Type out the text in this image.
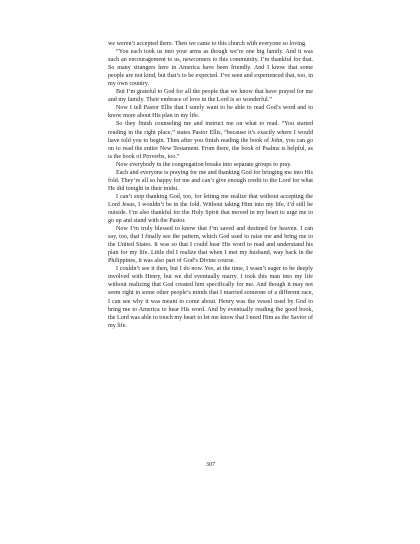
we weren’t accepted there. Then we came to this church with everyone so loving.

“You each took us into your arms as though we’re one big family. And it was such an encouragement to us, newcomers to this community. I’m thankful for that. So many strangers here in America have been friendly. And I know that some people are not kind, but that’s to be expected. I’ve seen and experienced that, too, in my own country.

But I’m grateful to God for all the people that we know that have prayed for me and my family. Their embrace of love in the Lord is so wonderful.”

Now I tell Pastor Ellis that I surely want to be able to read God’s word and to know more about His plan in my life.

So they finish counseling me and instruct me on what to read. “You started reading in the right place,” states Pastor Ellis, “because it’s exactly where I would have told you to begin. Then after you finish reading the book of John, you can go on to read the entire New Testament. From there, the book of Psalms is helpful, as is the book of Proverbs, too.”

Now everybody in the congregation breaks into separate groups to pray.

Each and everyone is praying for me and thanking God for bringing me into His fold. They’re all so happy for me and can’t give enough credit to the Lord for what He did tonight in their midst.

I can’t stop thanking God, too, for letting me realize that without accepting the Lord Jesus, I wouldn’t be in the fold. Without taking Him into my life, I’d still be outside. I’m also thankful for the Holy Spirit that moved in my heart to urge me to go up and stand with the Pastor.

Now I’m truly blessed to know that I’m saved and destined for heaven. I can say, too, that I finally see the pattern, which God used to raise me and bring me to the United States. It was so that I could hear His word to read and understand his plan for my life. Little did I realize that when I met my husband, way back in the Philippines, it was also part of God’s Divine course.

I couldn’t see it then, but I do now. Yes, at the time, I wasn’t eager to be deeply involved with Henry, but we did eventually marry. I took this man into my life without realizing that God created him specifically for me. And though it may not seem right in some other people’s minds that I married someone of a different race, I can see why it was meant to come about. Henry was the vessel used by God to bring me to America to hear His word. And by eventually reading the good book, the Lord was able to touch my heart to let me know that I need Him as the Savior of my life.

307
